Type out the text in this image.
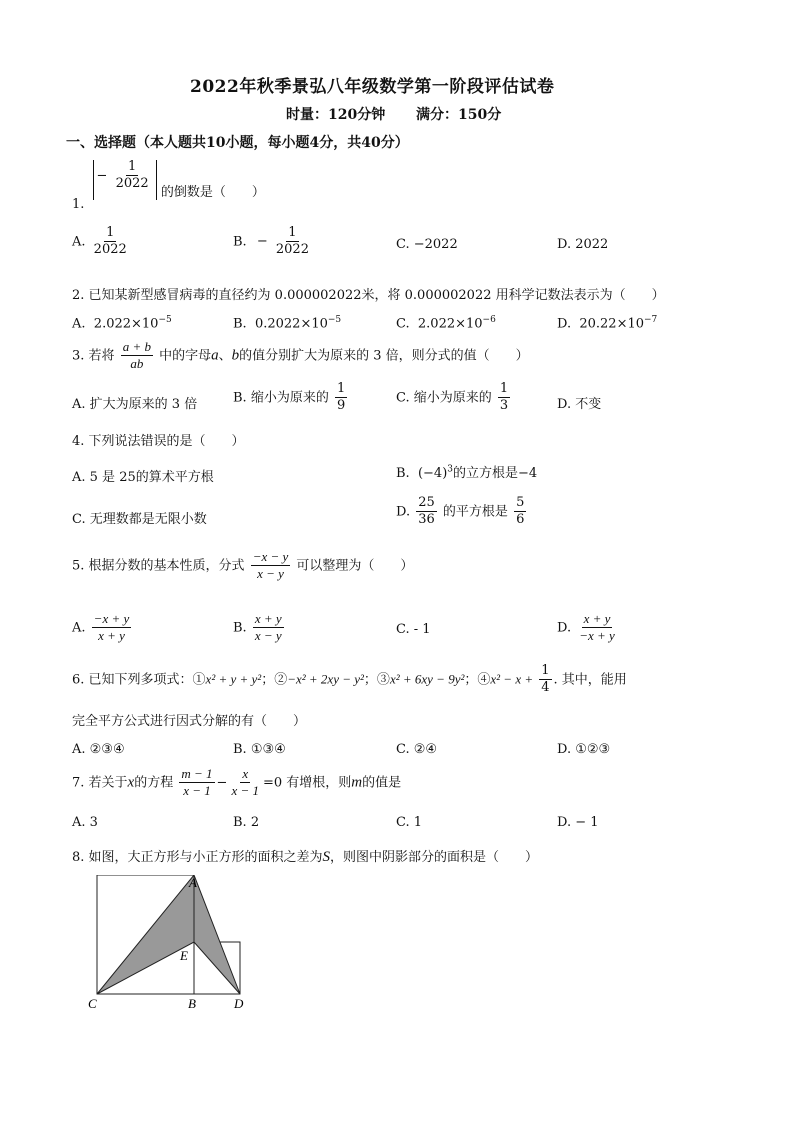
2022年秋季景弘八年级数学第一阶段评估试卷
时量：120分钟 满分：150分
一、选择题（本人题共10小题，每小题4分，共40分）
1. − $\frac{1}{2022}$
的倒数是（　　）
A. $\frac{1}{2022}$	B. − $\frac{1}{2022}$	C. −2022	D. 2022
2. 已知某新型感冒病毒的直径约为 0.000002022米，将 0.000002022 用科学记数法表示为（　　）
A. $2.022\times 10^{-5}$	B. $0.2022\times 10^{-5}$	C. $2.022\times 10^{-6}$	D. $20.22\times 10^{-7}$
3. 若将 $\frac{a + b}{ab}$ 中的字母a、b的值分别扩大为原来的 3 倍，则分式的值（　　）
A. 扩大为原来的 3 倍	B. 缩小为原来的 $\frac{1}{9}$	C. 缩小为原来的 $\frac{1}{3}$	D. 不变
4. 下列说法错误的是（　　）
A. 5 是 25的算术平方根	B. $(-4)^3$的立方根是−4
C. 无理数都是无限小数
D. $\frac{25}{36}$ 的平方根是 $\frac{5}{6}$
5. 根据分数的基本性质，分式 $\frac{-x - y}{x - y}$ 可以整理为（　　）
A. $\frac{-x + y}{x + y}$	B. $\frac{x + y}{x - y}$	C. - 1	D. $\frac{x + y}{-x + y}$
6. 已知下列多项式：①x² + y + y²；②−x² + 2xy − y²；③x² + 6xy − 9y²；④x² − $x + \frac{1}{4}$ . 其中，能用
完全平方公式进行因式分解的有（　　）
A. ②③④	B. ①③④	C. ②④	D. ①②③
7. 若关于x的方程 $\frac{m - 1}{x - 1} - \frac{x}{x - 1} =0$ 有增根，则m的值是
A. 3	B. 2	C. 1	D. − 1
8. 如图，大正方形与小正方形的面积之差为S，则图中阴影部分的面积是（　　）
A
E
C	B	D
